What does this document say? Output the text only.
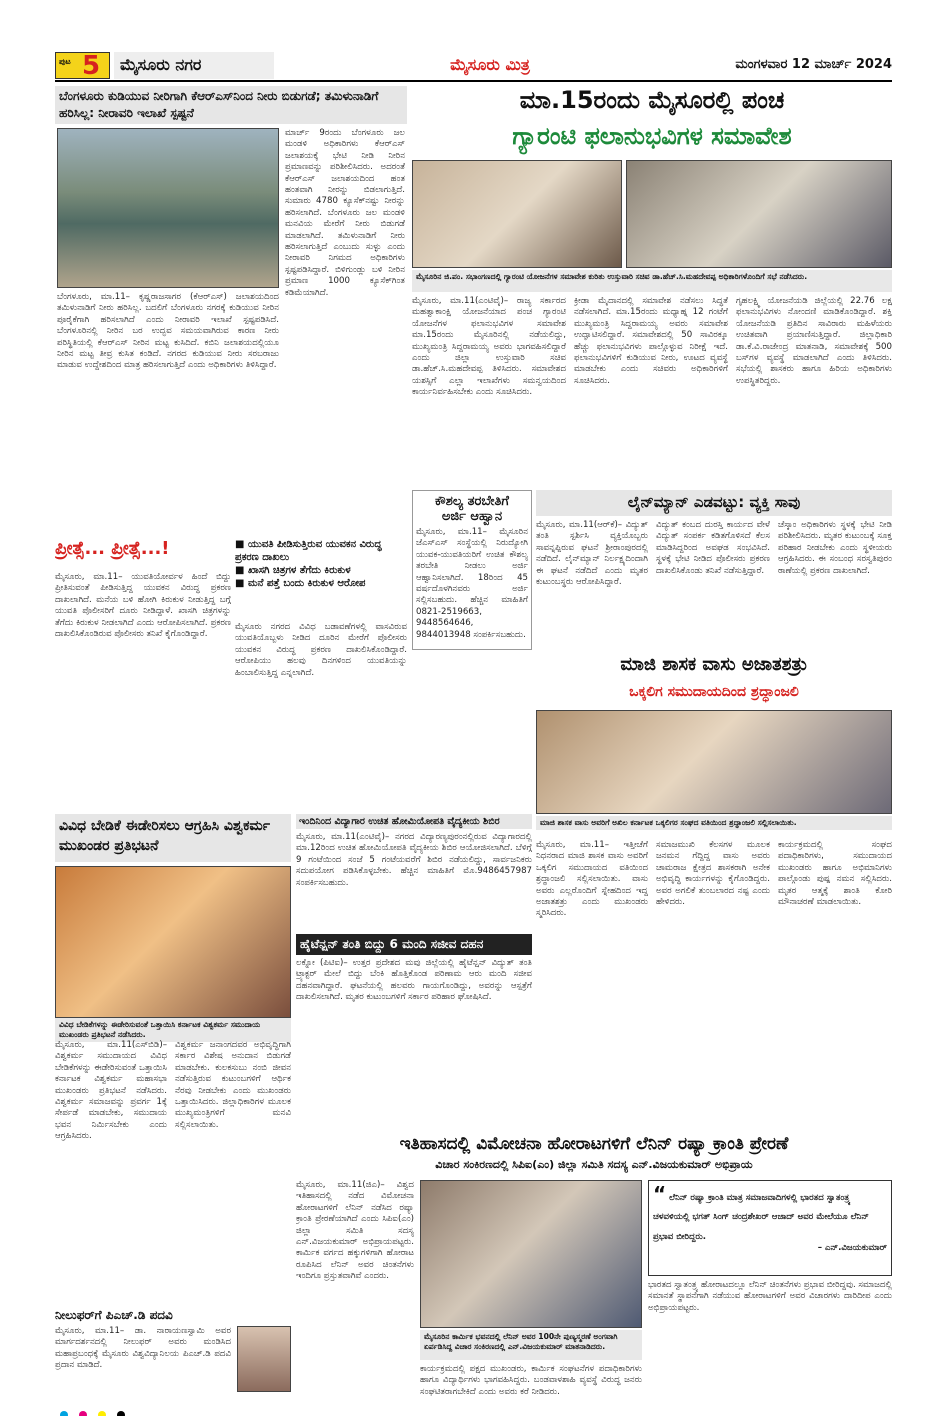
ಪುಟ 5	ಮೈಸೂರು ನಗರ	ಮೈಸೂರು ಮಿತ್ರ	ಮಂಗಳವಾರ 12 ಮಾರ್ಚ್ 2024
ಬೆಂಗಳೂರು ಕುಡಿಯುವ ನೀರಿಗಾಗಿ ಕೆಆರ್‌ಎಸ್‌ನಿಂದ ನೀರು ಬಿಡುಗಡೆ; ತಮಿಳುನಾಡಿಗೆ ಹರಿಸಿಲ್ಲ: ನೀರಾವರಿ ಇಲಾಖೆ ಸ್ಪಷ್ಟನೆ
ಬೆಂಗಳೂರು, ಮಾ.11– ಕೃಷ್ಣರಾಜಸಾಗರ (ಕೆಆರ್‌ಎಸ್) ಜಲಾಶಯದಿಂದ ತಮಿಳುನಾಡಿಗೆ ನೀರು ಹರಿಸಿಲ್ಲ. ಬದಲಿಗೆ ಬೆಂಗಳೂರು ನಗರಕ್ಕೆ ಕುಡಿಯುವ ನೀರಿನ ಪೂರೈಕೆಗಾಗಿ ಹರಿಸಲಾಗಿದೆ ಎಂದು ನೀರಾವರಿ ಇಲಾಖೆ ಸ್ಪಷ್ಟಪಡಿಸಿದೆ. ಬೆಂಗಳೂರಿನಲ್ಲಿ ನೀರಿನ ಬರ ಉದ್ಭವ ಸಮಯವಾಗಿರುವ ಕಾರಣ ನೀರು ಪರಿಸ್ಥಿತಿಯಲ್ಲಿ ಕೆಆರ್‌ಎಸ್ ನೀರಿನ ಮಟ್ಟ ಕುಸಿದಿದೆ. ಕಬಿನಿ ಜಲಾಶಯದಲ್ಲಿಯೂ ನೀರಿನ ಮಟ್ಟ ತೀವ್ರ ಕುಸಿತ ಕಂಡಿದೆ. ನಗರದ ಕುಡಿಯುವ ನೀರು ಸರಬರಾಜು ಮಾಡುವ ಉದ್ದೇಶದಿಂದ ಮಾತ್ರ ಹರಿಸಲಾಗುತ್ತಿದೆ ಎಂದು ಅಧಿಕಾರಿಗಳು ತಿಳಿಸಿದ್ದಾರೆ.
ಮಾರ್ಚ್ 9ರಂದು ಬೆಂಗಳೂರು ಜಲ ಮಂಡಳಿ ಅಧಿಕಾರಿಗಳು ಕೆಆರ್‌ಎಸ್ ಜಲಾಶಯಕ್ಕೆ ಭೇಟಿ ನೀಡಿ ನೀರಿನ ಪ್ರಮಾಣವನ್ನು ಪರಿಶೀಲಿಸಿದರು. ಅದರಂತೆ ಕೆಆರ್‌ಎಸ್ ಜಲಾಶಯದಿಂದ ಹಂತ ಹಂತವಾಗಿ ನೀರನ್ನು ಬಿಡಲಾಗುತ್ತಿದೆ. ಸುಮಾರು 4780 ಕ್ಯೂಸೆಕ್‌ನಷ್ಟು ನೀರನ್ನು ಹರಿಸಲಾಗಿದೆ. ಬೆಂಗಳೂರು ಜಲ ಮಂಡಳಿ ಮನವಿಯ ಮೇರೆಗೆ ನೀರು ಬಿಡುಗಡೆ ಮಾಡಲಾಗಿದೆ. ತಮಿಳುನಾಡಿಗೆ ನೀರು ಹರಿಸಲಾಗುತ್ತಿದೆ ಎಂಬುದು ಸುಳ್ಳು ಎಂದು ನೀರಾವರಿ ನಿಗಮದ ಅಧಿಕಾರಿಗಳು ಸ್ಪಷ್ಟಪಡಿಸಿದ್ದಾರೆ. ಬಿಳಿಗುಂಡ್ಲು ಬಳಿ ನೀರಿನ ಪ್ರಮಾಣ 1000 ಕ್ಯೂಸೆಕ್‌ಗಿಂತ ಕಡಿಮೆಯಾಗಿದೆ.
ಮಾ.15ರಂದು ಮೈಸೂರಲ್ಲಿ ಪಂಚ
ಗ್ಯಾರಂಟಿ ಫಲಾನುಭವಿಗಳ ಸಮಾವೇಶ
ಮೈಸೂರಿನ ಜಿ.ಪಂ. ಸಭಾಂಗಣದಲ್ಲಿ ಗ್ಯಾರಂಟಿ ಯೋಜನೆಗಳ ಸಮಾವೇಶ ಕುರಿತು ಉಸ್ತುವಾರಿ ಸಚಿವ ಡಾ.ಹೆಚ್.ಸಿ.ಮಹದೇವಪ್ಪ ಅಧಿಕಾರಿಗಳೊಂದಿಗೆ ಸಭೆ ನಡೆಸಿದರು.
ಮೈಸೂರು, ಮಾ.11(ಎಂಟಿವೈ)– ರಾಜ್ಯ ಸರ್ಕಾರದ ಮಹತ್ವಾಕಾಂಕ್ಷಿ ಯೋಜನೆಯಾದ ಪಂಚ ಗ್ಯಾರಂಟಿ ಯೋಜನೆಗಳ ಫಲಾನುಭವಿಗಳ ಸಮಾವೇಶ ಮಾ.15ರಂದು ಮೈಸೂರಿನಲ್ಲಿ ನಡೆಯಲಿದ್ದು, ಮುಖ್ಯಮಂತ್ರಿ ಸಿದ್ದರಾಮಯ್ಯ ಅವರು ಭಾಗವಹಿಸಲಿದ್ದಾರೆ ಎಂದು ಜಿಲ್ಲಾ ಉಸ್ತುವಾರಿ ಸಚಿವ ಡಾ.ಹೆಚ್.ಸಿ.ಮಹದೇವಪ್ಪ ತಿಳಿಸಿದರು. ಸಮಾವೇಶದ ಯಶಸ್ಸಿಗೆ ಎಲ್ಲಾ ಇಲಾಖೆಗಳು ಸಮನ್ವಯದಿಂದ ಕಾರ್ಯನಿರ್ವಹಿಸಬೇಕು ಎಂದು ಸೂಚಿಸಿದರು.
ಕ್ರೀಡಾ ಮೈದಾನದಲ್ಲಿ ಸಮಾವೇಶ ನಡೆಸಲು ಸಿದ್ಧತೆ ನಡೆಸಲಾಗಿದೆ. ಮಾ.15ರಂದು ಮಧ್ಯಾಹ್ನ 12 ಗಂಟೆಗೆ ಮುಖ್ಯಮಂತ್ರಿ ಸಿದ್ದರಾಮಯ್ಯ ಅವರು ಸಮಾವೇಶ ಉದ್ಘಾಟಿಸಲಿದ್ದಾರೆ. ಸಮಾವೇಶದಲ್ಲಿ 50 ಸಾವಿರಕ್ಕೂ ಹೆಚ್ಚು ಫಲಾನುಭವಿಗಳು ಪಾಲ್ಗೊಳ್ಳುವ ನಿರೀಕ್ಷೆ ಇದೆ. ಫಲಾನುಭವಿಗಳಿಗೆ ಕುಡಿಯುವ ನೀರು, ಊಟದ ವ್ಯವಸ್ಥೆ ಮಾಡಬೇಕು ಎಂದು ಸಚಿವರು ಅಧಿಕಾರಿಗಳಿಗೆ ಸೂಚಿಸಿದರು.
ಗೃಹಲಕ್ಷ್ಮಿ ಯೋಜನೆಯಡಿ ಜಿಲ್ಲೆಯಲ್ಲಿ 22.76 ಲಕ್ಷ ಫಲಾನುಭವಿಗಳು ನೋಂದಣಿ ಮಾಡಿಕೊಂಡಿದ್ದಾರೆ. ಶಕ್ತಿ ಯೋಜನೆಯಡಿ ಪ್ರತಿದಿನ ಸಾವಿರಾರು ಮಹಿಳೆಯರು ಉಚಿತವಾಗಿ ಪ್ರಯಾಣಿಸುತ್ತಿದ್ದಾರೆ. ಜಿಲ್ಲಾಧಿಕಾರಿ ಡಾ.ಕೆ.ವಿ.ರಾಜೇಂದ್ರ ಮಾತನಾಡಿ, ಸಮಾವೇಶಕ್ಕೆ 500 ಬಸ್‌ಗಳ ವ್ಯವಸ್ಥೆ ಮಾಡಲಾಗಿದೆ ಎಂದು ತಿಳಿಸಿದರು. ಸಭೆಯಲ್ಲಿ ಶಾಸಕರು ಹಾಗೂ ಹಿರಿಯ ಅಧಿಕಾರಿಗಳು ಉಪಸ್ಥಿತರಿದ್ದರು.
ಕೌಶಲ್ಯ ತರಬೇತಿಗೆ
ಅರ್ಜಿ ಆಹ್ವಾನ
ಮೈಸೂರು, ಮಾ.11– ಮೈಸೂರಿನ ಜೆಎಸ್‌ಎಸ್ ಸಂಸ್ಥೆಯಲ್ಲಿ ನಿರುದ್ಯೋಗಿ ಯುವಕ-ಯುವತಿಯರಿಗೆ ಉಚಿತ ಕೌಶಲ್ಯ ತರಬೇತಿ ನೀಡಲು ಅರ್ಜಿ ಆಹ್ವಾನಿಸಲಾಗಿದೆ. 18ರಿಂದ 45 ವರ್ಷದೊಳಗಿನವರು ಅರ್ಜಿ ಸಲ್ಲಿಸಬಹುದು. ಹೆಚ್ಚಿನ ಮಾಹಿತಿಗೆ 0821-2519663, 9448564646, 9844013948 ಸಂಪರ್ಕಿಸಬಹುದು.
ಲೈನ್‌ಮ್ಯಾನ್ ಎಡವಟ್ಟು: ವ್ಯಕ್ತಿ ಸಾವು
ಮೈಸೂರು, ಮಾ.11(ಆರ್‌ಕೆ)– ವಿದ್ಯುತ್ ತಂತಿ ಸ್ಪರ್ಶಿಸಿ ವ್ಯಕ್ತಿಯೊಬ್ಬರು ಸಾವನ್ನಪ್ಪಿರುವ ಘಟನೆ ಶ್ರೀರಾಂಪುರದಲ್ಲಿ ನಡೆದಿದೆ. ಲೈನ್‌ಮ್ಯಾನ್ ನಿರ್ಲಕ್ಷ್ಯದಿಂದಾಗಿ ಈ ಘಟನೆ ನಡೆದಿದೆ ಎಂದು ಮೃತರ ಕುಟುಂಬಸ್ಥರು ಆರೋಪಿಸಿದ್ದಾರೆ.
ವಿದ್ಯುತ್ ಕಂಬದ ದುರಸ್ತಿ ಕಾರ್ಯದ ವೇಳೆ ವಿದ್ಯುತ್ ಸಂಪರ್ಕ ಕಡಿತಗೊಳಿಸದೆ ಕೆಲಸ ಮಾಡಿಸಿದ್ದರಿಂದ ಅವಘಡ ಸಂಭವಿಸಿದೆ. ಸ್ಥಳಕ್ಕೆ ಭೇಟಿ ನೀಡಿದ ಪೊಲೀಸರು ಪ್ರಕರಣ ದಾಖಲಿಸಿಕೊಂಡು ತನಿಖೆ ನಡೆಸುತ್ತಿದ್ದಾರೆ.
ಚೆಸ್ಕಾಂ ಅಧಿಕಾರಿಗಳು ಸ್ಥಳಕ್ಕೆ ಭೇಟಿ ನೀಡಿ ಪರಿಶೀಲಿಸಿದರು. ಮೃತರ ಕುಟುಂಬಕ್ಕೆ ಸೂಕ್ತ ಪರಿಹಾರ ನೀಡಬೇಕು ಎಂದು ಸ್ಥಳೀಯರು ಆಗ್ರಹಿಸಿದರು. ಈ ಸಂಬಂಧ ಸರಸ್ವತಿಪುರಂ ಠಾಣೆಯಲ್ಲಿ ಪ್ರಕರಣ ದಾಖಲಾಗಿದೆ.
ಪ್ರೀತ್ಸೆ... ಪ್ರೀತ್ಸೆ...!	■ ಯುವತಿ ಪೀಡಿಸುತ್ತಿರುವ ಯುವಕನ ವಿರುದ್ಧ ಪ್ರಕರಣ ದಾಖಲು
■ ಖಾಸಗಿ ಚಿತ್ರಗಳ ತೆಗೆದು ಕಿರುಕುಳ
■ ಮನೆ ಪತ್ತೆ ಬಂದು ಕಿರುಕುಳ ಆರೋಪ
ಮೈಸೂರು, ಮಾ.11– ಯುವತಿಯೋರ್ವಳ ಹಿಂದೆ ಬಿದ್ದು ಪ್ರೀತಿಸುವಂತೆ ಪೀಡಿಸುತ್ತಿದ್ದ ಯುವಕನ ವಿರುದ್ಧ ಪ್ರಕರಣ ದಾಖಲಾಗಿದೆ. ಮನೆಯ ಬಳಿ ಹೋಗಿ ಕಿರುಕುಳ ನೀಡುತ್ತಿದ್ದ ಬಗ್ಗೆ ಯುವತಿ ಪೊಲೀಸರಿಗೆ ದೂರು ನೀಡಿದ್ದಾಳೆ. ಖಾಸಗಿ ಚಿತ್ರಗಳನ್ನು ತೆಗೆದು ಕಿರುಕುಳ ನೀಡಲಾಗಿದೆ ಎಂದು ಆರೋಪಿಸಲಾಗಿದೆ. ಪ್ರಕರಣ ದಾಖಲಿಸಿಕೊಂಡಿರುವ ಪೊಲೀಸರು ತನಿಖೆ ಕೈಗೊಂಡಿದ್ದಾರೆ.
ಮೈಸೂರು ನಗರದ ವಿವಿಧ ಬಡಾವಣೆಗಳಲ್ಲಿ ವಾಸವಿರುವ ಯುವತಿಯೊಬ್ಬಳು ನೀಡಿದ ದೂರಿನ ಮೇರೆಗೆ ಪೊಲೀಸರು ಯುವಕನ ವಿರುದ್ಧ ಪ್ರಕರಣ ದಾಖಲಿಸಿಕೊಂಡಿದ್ದಾರೆ. ಆರೋಪಿಯು ಹಲವು ದಿನಗಳಿಂದ ಯುವತಿಯನ್ನು ಹಿಂಬಾಲಿಸುತ್ತಿದ್ದ ಎನ್ನಲಾಗಿದೆ.	ಮಾಜಿ ಶಾಸಕ ವಾಸು ಅಜಾತಶತ್ರು
ಒಕ್ಕಲಿಗ ಸಮುದಾಯದಿಂದ ಶ್ರದ್ಧಾಂಜಲಿ
ಮಾಜಿ ಶಾಸಕ ವಾಸು ಅವರಿಗೆ ಅಖಿಲ ಕರ್ನಾಟಕ ಒಕ್ಕಲಿಗರ ಸಂಘದ ವತಿಯಿಂದ ಶ್ರದ್ಧಾಂಜಲಿ ಸಲ್ಲಿಸಲಾಯಿತು.
ಮೈಸೂರು, ಮಾ.11– ಇತ್ತೀಚೆಗೆ ನಿಧನರಾದ ಮಾಜಿ ಶಾಸಕ ವಾಸು ಅವರಿಗೆ ಒಕ್ಕಲಿಗ ಸಮುದಾಯದ ವತಿಯಿಂದ ಶ್ರದ್ಧಾಂಜಲಿ ಸಲ್ಲಿಸಲಾಯಿತು. ವಾಸು ಅವರು ಎಲ್ಲರೊಂದಿಗೆ ಸ್ನೇಹದಿಂದ ಇದ್ದ ಅಜಾತಶತ್ರು ಎಂದು ಮುಖಂಡರು ಸ್ಮರಿಸಿದರು.
ಸಮಾಜಮುಖಿ ಕೆಲಸಗಳ ಮೂಲಕ ಜನಮನ ಗೆದ್ದಿದ್ದ ವಾಸು ಅವರು ಚಾಮರಾಜ ಕ್ಷೇತ್ರದ ಶಾಸಕರಾಗಿ ಅನೇಕ ಅಭಿವೃದ್ಧಿ ಕಾರ್ಯಗಳನ್ನು ಕೈಗೊಂಡಿದ್ದರು. ಅವರ ಅಗಲಿಕೆ ತುಂಬಲಾರದ ನಷ್ಟ ಎಂದು ಹೇಳಿದರು.
ಕಾರ್ಯಕ್ರಮದಲ್ಲಿ ಸಂಘದ ಪದಾಧಿಕಾರಿಗಳು, ಸಮುದಾಯದ ಮುಖಂಡರು ಹಾಗೂ ಅಭಿಮಾನಿಗಳು ಪಾಲ್ಗೊಂಡು ಪುಷ್ಪ ನಮನ ಸಲ್ಲಿಸಿದರು. ಮೃತರ ಆತ್ಮಕ್ಕೆ ಶಾಂತಿ ಕೋರಿ ಮೌನಾಚರಣೆ ಮಾಡಲಾಯಿತು.
ಇಂದಿನಿಂದ ವಿದ್ಯಾಗಾರ ಉಚಿತ ಹೋಮಿಯೋಪತಿ ವೈದ್ಯಕೀಯ ಶಿಬಿರ
ಮೈಸೂರು, ಮಾ.11(ಎಂಟಿವೈ)– ನಗರದ ವಿದ್ಯಾರಣ್ಯಪುರಂನಲ್ಲಿರುವ ವಿದ್ಯಾಗಾರದಲ್ಲಿ ಮಾ.12ರಿಂದ ಉಚಿತ ಹೋಮಿಯೋಪತಿ ವೈದ್ಯಕೀಯ ಶಿಬಿರ ಆಯೋಜಿಸಲಾಗಿದೆ. ಬೆಳಿಗ್ಗೆ 9 ಗಂಟೆಯಿಂದ ಸಂಜೆ 5 ಗಂಟೆಯವರೆಗೆ ಶಿಬಿರ ನಡೆಯಲಿದ್ದು, ಸಾರ್ವಜನಿಕರು ಸದುಪಯೋಗ ಪಡಿಸಿಕೊಳ್ಳಬೇಕು. ಹೆಚ್ಚಿನ ಮಾಹಿತಿಗೆ ಮೊ.9486457987 ಸಂಪರ್ಕಿಸಬಹುದು.
ಹೈಟೆನ್ಷನ್ ತಂತಿ ಬಿದ್ದು 6 ಮಂದಿ ಸಜೀವ ದಹನ
ಲಕ್ನೋ (ಪಿಟಿಐ)– ಉತ್ತರ ಪ್ರದೇಶದ ಮವು ಜಿಲ್ಲೆಯಲ್ಲಿ ಹೈಟೆನ್ಷನ್ ವಿದ್ಯುತ್ ತಂತಿ ಟ್ರ್ಯಾಕ್ಟರ್ ಮೇಲೆ ಬಿದ್ದು ಬೆಂಕಿ ಹೊತ್ತಿಕೊಂಡ ಪರಿಣಾಮ ಆರು ಮಂದಿ ಸಜೀವ ದಹನವಾಗಿದ್ದಾರೆ. ಘಟನೆಯಲ್ಲಿ ಹಲವರು ಗಾಯಗೊಂಡಿದ್ದು, ಅವರನ್ನು ಆಸ್ಪತ್ರೆಗೆ ದಾಖಲಿಸಲಾಗಿದೆ. ಮೃತರ ಕುಟುಂಬಗಳಿಗೆ ಸರ್ಕಾರ ಪರಿಹಾರ ಘೋಷಿಸಿದೆ.
ವಿವಿಧ ಬೇಡಿಕೆ ಈಡೇರಿಸಲು ಆಗ್ರಹಿಸಿ ವಿಶ್ವಕರ್ಮ ಮುಖಂಡರ ಪ್ರತಿಭಟನೆ
ವಿವಿಧ ಬೇಡಿಕೆಗಳನ್ನು ಈಡೇರಿಸುವಂತೆ ಒತ್ತಾಯಿಸಿ ಕರ್ನಾಟಕ ವಿಶ್ವಕರ್ಮ ಸಮುದಾಯ ಮುಖಂಡರು ಪ್ರತಿಭಟನೆ ನಡೆಸಿದರು.
ಮೈಸೂರು, ಮಾ.11(ಎಸ್‌ಬಿಡಿ)– ವಿಶ್ವಕರ್ಮ ಸಮುದಾಯದ ವಿವಿಧ ಬೇಡಿಕೆಗಳನ್ನು ಈಡೇರಿಸುವಂತೆ ಒತ್ತಾಯಿಸಿ ಕರ್ನಾಟಕ ವಿಶ್ವಕರ್ಮ ಮಹಾಸಭಾ ಮುಖಂಡರು ಪ್ರತಿಭಟನೆ ನಡೆಸಿದರು. ವಿಶ್ವಕರ್ಮ ಸಮಾಜವನ್ನು ಪ್ರವರ್ಗ 1ಕ್ಕೆ ಸೇರ್ಪಡೆ ಮಾಡಬೇಕು, ಸಮುದಾಯ ಭವನ ನಿರ್ಮಿಸಬೇಕು ಎಂದು ಆಗ್ರಹಿಸಿದರು.
ವಿಶ್ವಕರ್ಮ ಜನಾಂಗದವರ ಅಭಿವೃದ್ಧಿಗಾಗಿ ಸರ್ಕಾರ ವಿಶೇಷ ಅನುದಾನ ಬಿಡುಗಡೆ ಮಾಡಬೇಕು. ಕುಲಕಸುಬು ನಂಬಿ ಜೀವನ ನಡೆಸುತ್ತಿರುವ ಕುಟುಂಬಗಳಿಗೆ ಆರ್ಥಿಕ ನೆರವು ನೀಡಬೇಕು ಎಂದು ಮುಖಂಡರು ಒತ್ತಾಯಿಸಿದರು. ಜಿಲ್ಲಾಧಿಕಾರಿಗಳ ಮೂಲಕ ಮುಖ್ಯಮಂತ್ರಿಗಳಿಗೆ ಮನವಿ ಸಲ್ಲಿಸಲಾಯಿತು.
ಇತಿಹಾಸದಲ್ಲಿ ವಿಮೋಚನಾ ಹೋರಾಟಗಳಿಗೆ ಲೆನಿನ್ ರಷ್ಯಾ ಕ್ರಾಂತಿ ಪ್ರೇರಣೆ
ವಿಚಾರ ಸಂಕಿರಣದಲ್ಲಿ ಸಿಪಿಐ(ಎಂ) ಜಿಲ್ಲಾ ಸಮಿತಿ ಸದಸ್ಯ ಎನ್.ವಿಜಯಕುಮಾರ್ ಅಭಿಪ್ರಾಯ
ಮೈಸೂರು, ಮಾ.11(ಜಿಎ)– ವಿಶ್ವದ ಇತಿಹಾಸದಲ್ಲಿ ನಡೆದ ವಿಮೋಚನಾ ಹೋರಾಟಗಳಿಗೆ ಲೆನಿನ್ ನಡೆಸಿದ ರಷ್ಯಾ ಕ್ರಾಂತಿ ಪ್ರೇರಣೆಯಾಗಿದೆ ಎಂದು ಸಿಪಿಐ(ಎಂ) ಜಿಲ್ಲಾ ಸಮಿತಿ ಸದಸ್ಯ ಎನ್.ವಿಜಯಕುಮಾರ್ ಅಭಿಪ್ರಾಯಪಟ್ಟರು. ಕಾರ್ಮಿಕ ವರ್ಗದ ಹಕ್ಕುಗಳಿಗಾಗಿ ಹೋರಾಟ ರೂಪಿಸಿದ ಲೆನಿನ್ ಅವರ ಚಿಂತನೆಗಳು ಇಂದಿಗೂ ಪ್ರಸ್ತುತವಾಗಿವೆ ಎಂದರು.
ಮೈಸೂರಿನ ಕಾರ್ಮಿಕ ಭವನದಲ್ಲಿ ಲೆನಿನ್ ಅವರ 100ನೇ ಪುಣ್ಯಸ್ಮರಣೆ ಅಂಗವಾಗಿ ಏರ್ಪಡಿಸಿದ್ದ ವಿಚಾರ ಸಂಕಿರಣದಲ್ಲಿ ಎನ್.ವಿಜಯಕುಮಾರ್ ಮಾತನಾಡಿದರು.
ಕಾರ್ಯಕ್ರಮದಲ್ಲಿ ಪಕ್ಷದ ಮುಖಂಡರು, ಕಾರ್ಮಿಕ ಸಂಘಟನೆಗಳ ಪದಾಧಿಕಾರಿಗಳು ಹಾಗೂ ವಿದ್ಯಾರ್ಥಿಗಳು ಭಾಗವಹಿಸಿದ್ದರು. ಬಂಡವಾಳಶಾಹಿ ವ್ಯವಸ್ಥೆ ವಿರುದ್ಧ ಜನರು ಸಂಘಟಿತರಾಗಬೇಕಿದೆ ಎಂದು ಅವರು ಕರೆ ನೀಡಿದರು.
“ ಲೆನಿನ್ ರಷ್ಯಾ ಕ್ರಾಂತಿ ಮಾತ್ರ ಸಮಾಜವಾದಿಗಳಲ್ಲಿ ಭಾರತದ ಸ್ವಾತಂತ್ರ್ಯ ಚಳವಳಿಯಲ್ಲಿ ಭಗತ್ ಸಿಂಗ್ ಚಂದ್ರಶೇಖರ್ ಆಜಾದ್ ಅವರ ಮೇಲೆಯೂ ಲೆನಿನ್ ಪ್ರಭಾವ ಬೀರಿದ್ದರು.
– ಎನ್.ವಿಜಯಕುಮಾರ್
ಭಾರತದ ಸ್ವಾತಂತ್ರ್ಯ ಹೋರಾಟದಲ್ಲೂ ಲೆನಿನ್ ಚಿಂತನೆಗಳು ಪ್ರಭಾವ ಬೀರಿದ್ದವು. ಸಮಾಜದಲ್ಲಿ ಸಮಾನತೆ ಸ್ಥಾಪನೆಗಾಗಿ ನಡೆಯುವ ಹೋರಾಟಗಳಿಗೆ ಅವರ ವಿಚಾರಗಳು ದಾರಿದೀಪ ಎಂದು ಅಭಿಪ್ರಾಯಪಟ್ಟರು.
ನೀಲುಫರ್‌ಗೆ ಪಿಎಚ್.ಡಿ ಪದವಿ
ಮೈಸೂರು, ಮಾ.11– ಡಾ. ನಾರಾಯಣಸ್ವಾಮಿ ಅವರ ಮಾರ್ಗದರ್ಶನದಲ್ಲಿ ನೀಲುಫರ್ ಅವರು ಮಂಡಿಸಿದ ಮಹಾಪ್ರಬಂಧಕ್ಕೆ ಮೈಸೂರು ವಿಶ್ವವಿದ್ಯಾನಿಲಯ ಪಿಎಚ್.ಡಿ ಪದವಿ ಪ್ರದಾನ ಮಾಡಿದೆ.
